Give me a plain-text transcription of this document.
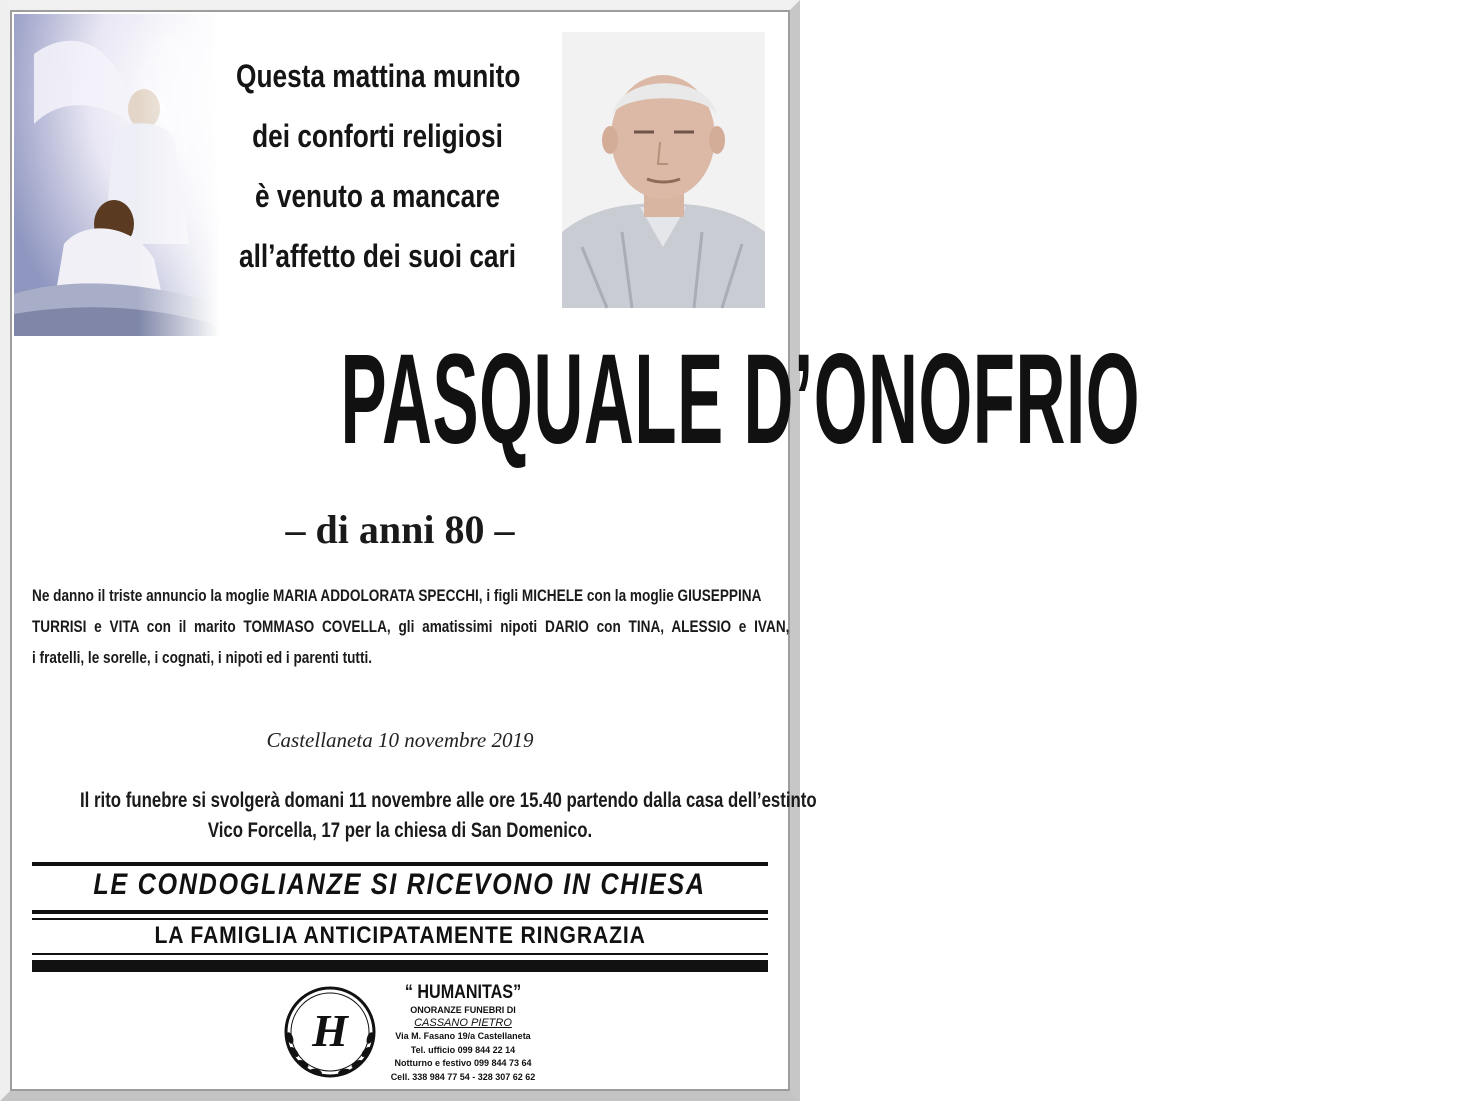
Questa mattina munito
dei conforti religiosi
è venuto a mancare
all’affetto dei suoi cari
PASQUALE D’ONOFRIO
– di anni 80 –

Ne danno il triste annuncio la moglie MARIA ADDOLORATA SPECCHI, i figli MICHELE con la moglie GIUSEPPINA

TURRISI e VITA con il marito TOMMASO COVELLA, gli amatissimi nipoti DARIO con TINA, ALESSIO e IVAN,

i fratelli, le sorelle, i cognati, i nipoti ed i parenti tutti.

Castellaneta 10 novembre 2019

Il rito funebre si svolgerà domani 11 novembre alle ore 15.40 partendo dalla casa dell’estinto

Vico Forcella, 17 per la chiesa di San Domenico.

LE CONDOGLIANZE SI RICEVONO IN CHIESA
LA FAMIGLIA ANTICIPATAMENTE RINGRAZIA
H
“ HUMANITAS”
ONORANZE FUNEBRI DI
CASSANO PIETRO
Via M. Fasano 19/a Castellaneta
Tel. ufficio 099 844 22 14
Notturno e festivo 099 844 73 64
Cell. 338 984 77 54 - 328 307 62 62
